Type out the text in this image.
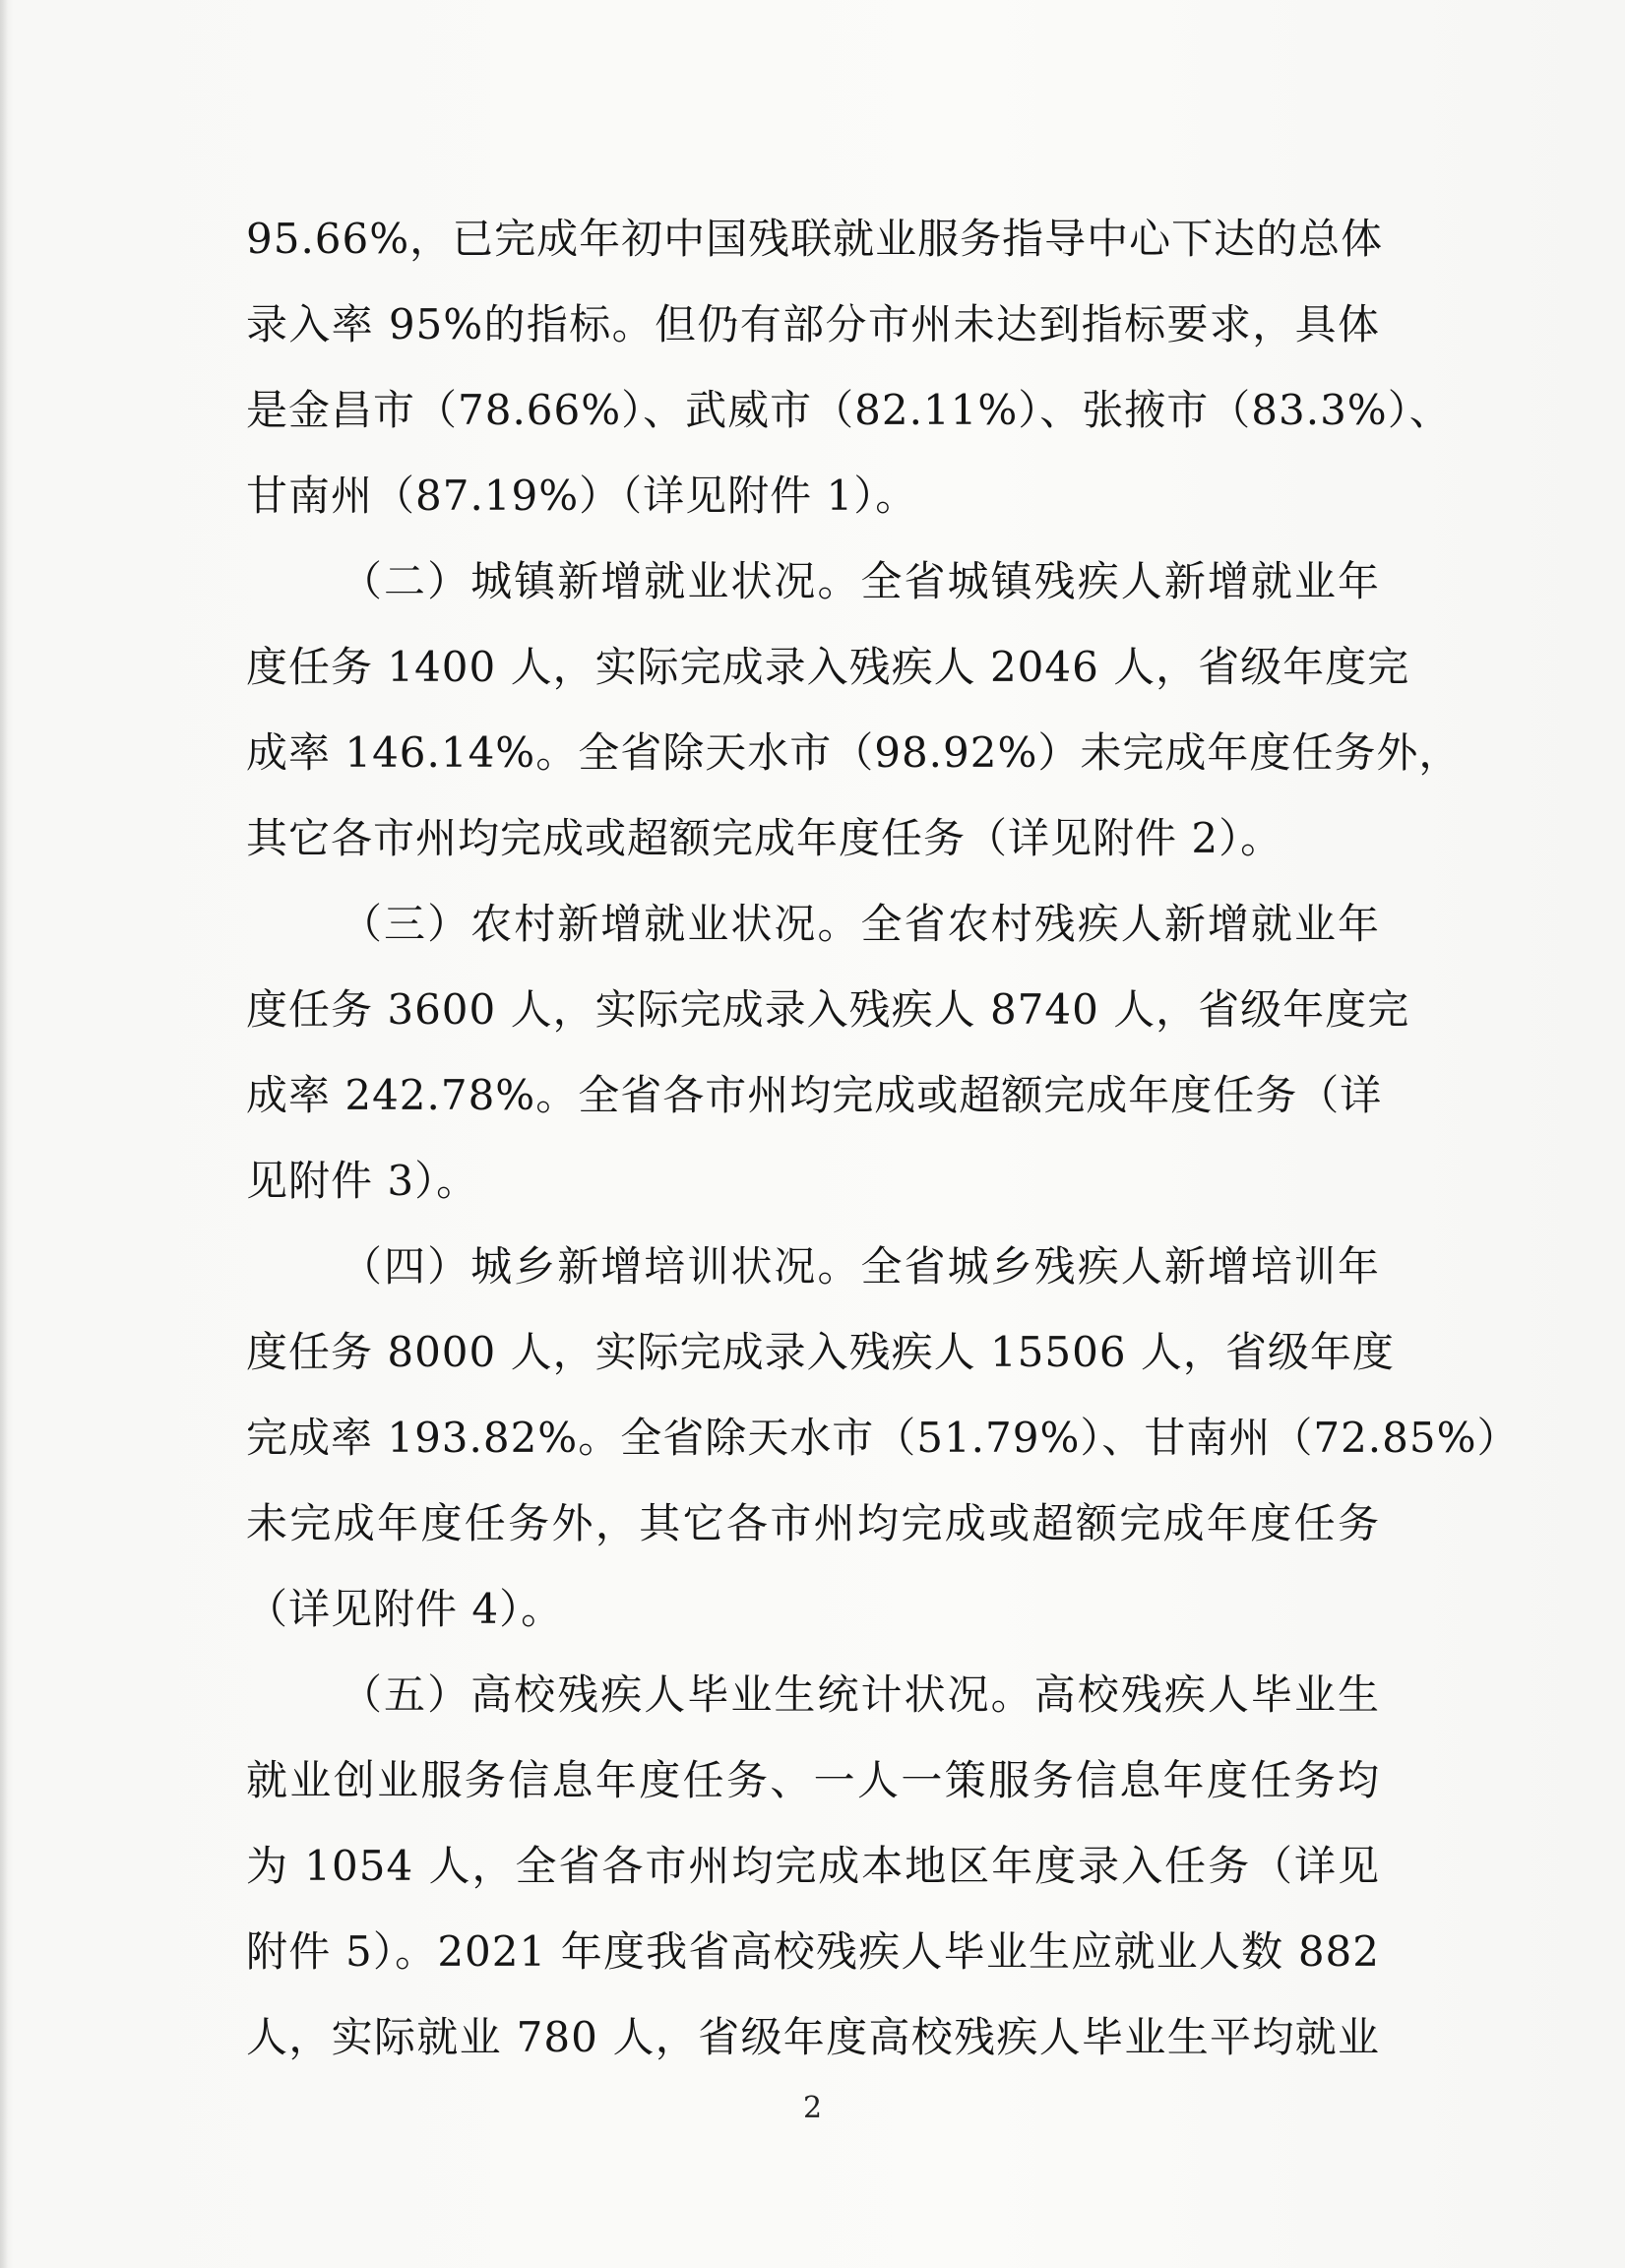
95.66%，已完成年初中国残联就业服务指导中心下达的总体
录入率 95%的指标。但仍有部分市州未达到指标要求，具体
是金昌市（78.66%）、武威市（82.11%）、张掖市（83.3%）、
甘南州（87.19%）（详见附件 1）。
（二）城镇新增就业状况。全省城镇残疾人新增就业年
度任务 1400 人，实际完成录入残疾人 2046 人，省级年度完
成率 146.14%。全省除天水市（98.92%）未完成年度任务外，
其它各市州均完成或超额完成年度任务（详见附件 2）。
（三）农村新增就业状况。全省农村残疾人新增就业年
度任务 3600 人，实际完成录入残疾人 8740 人，省级年度完
成率 242.78%。全省各市州均完成或超额完成年度任务（详
见附件 3）。
（四）城乡新增培训状况。全省城乡残疾人新增培训年
度任务 8000 人，实际完成录入残疾人 15506 人，省级年度
完成率 193.82%。全省除天水市（51.79%）、甘南州（72.85%）
未完成年度任务外，其它各市州均完成或超额完成年度任务
（详见附件 4）。
（五）高校残疾人毕业生统计状况。高校残疾人毕业生
就业创业服务信息年度任务、一人一策服务信息年度任务均
为 1054 人，全省各市州均完成本地区年度录入任务（详见
附件 5）。2021 年度我省高校残疾人毕业生应就业人数 882
人，实际就业 780 人，省级年度高校残疾人毕业生平均就业
2
